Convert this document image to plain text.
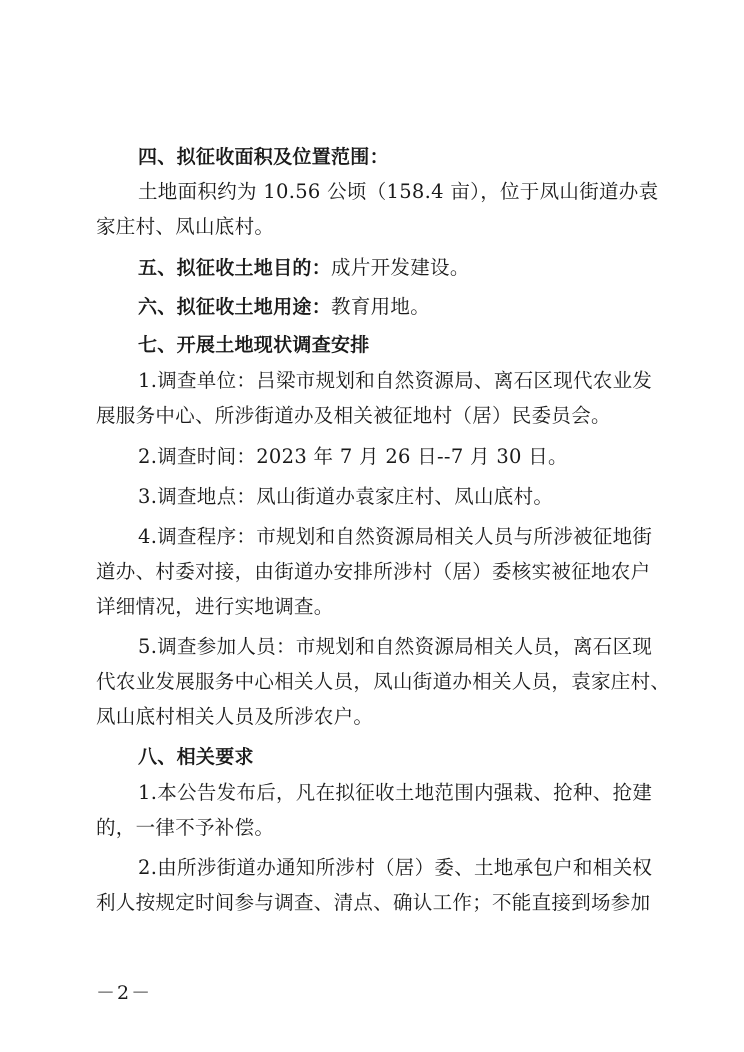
四、拟征收面积及位置范围：
土地面积约为 10.56 公顷（158.4 亩），位于凤山街道办袁
家庄村、凤山底村。
五、拟征收土地目的：成片开发建设。
六、拟征收土地用途：教育用地。
七、开展土地现状调查安排
1.调查单位：吕梁市规划和自然资源局、离石区现代农业发
展服务中心、所涉街道办及相关被征地村（居）民委员会。
2.调查时间：2023 年 7 月 26 日--7 月 30 日。
3.调查地点：凤山街道办袁家庄村、凤山底村。
4.调查程序：市规划和自然资源局相关人员与所涉被征地街
道办、村委对接，由街道办安排所涉村（居）委核实被征地农户
详细情况，进行实地调查。
5.调查参加人员：市规划和自然资源局相关人员，离石区现
代农业发展服务中心相关人员，凤山街道办相关人员，袁家庄村、
凤山底村相关人员及所涉农户。
八、相关要求
1.本公告发布后，凡在拟征收土地范围内强栽、抢种、抢建
的，一律不予补偿。
2.由所涉街道办通知所涉村（居）委、土地承包户和相关权
利人按规定时间参与调查、清点、确认工作；不能直接到场参加
－2－
